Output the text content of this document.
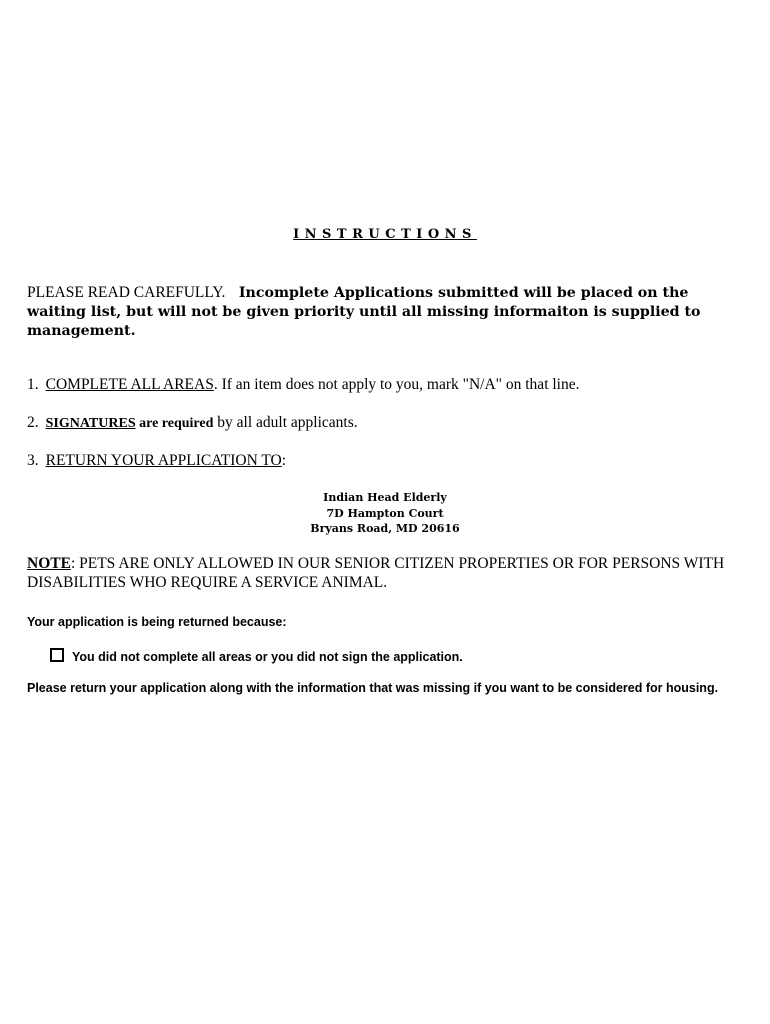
INSTRUCTIONS
PLEASE READ CAREFULLY. Incomplete Applications submitted will be placed on the waiting list, but will not be given priority until all missing informaiton is supplied to management.
1. COMPLETE ALL AREAS. If an item does not apply to you, mark "N/A" on that line.
2. SIGNATURES are required by all adult applicants.
3. RETURN YOUR APPLICATION TO:
Indian Head Elderly
7D Hampton Court
Bryans Road, MD 20616
NOTE: PETS ARE ONLY ALLOWED IN OUR SENIOR CITIZEN PROPERTIES OR FOR PERSONS WITH DISABILITIES WHO REQUIRE A SERVICE ANIMAL.
Your application is being returned because:
You did not complete all areas or you did not sign the application.
Please return your application along with the information that was missing if you want to be considered for housing.
